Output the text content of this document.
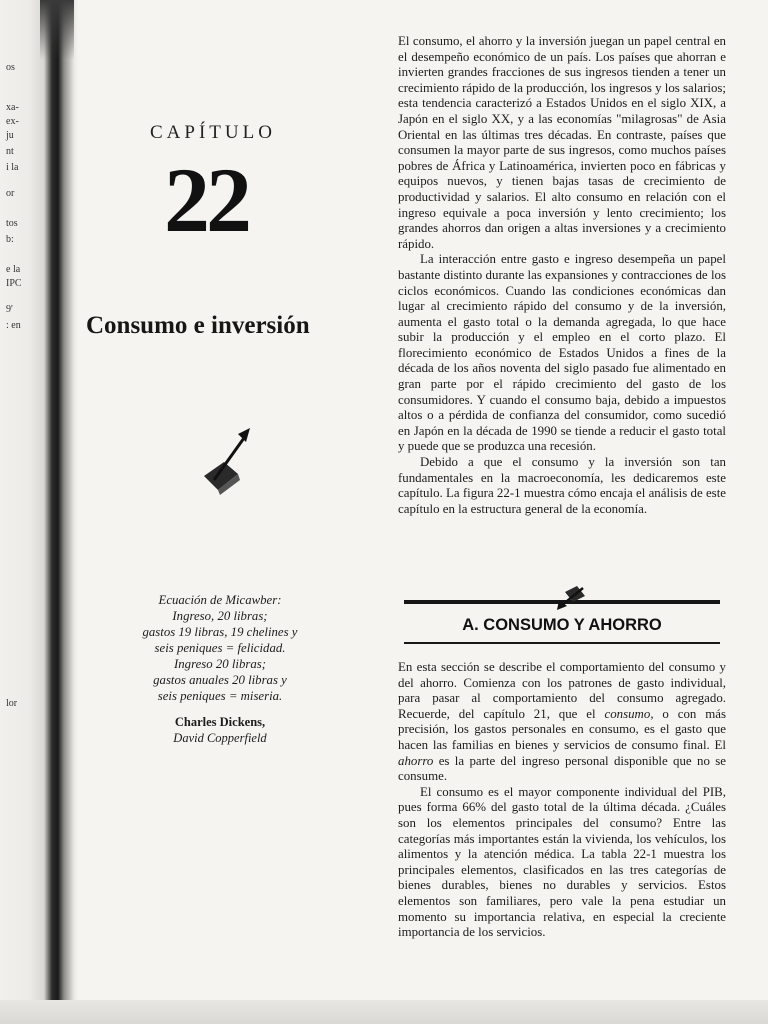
os
xa-
ex-
ju
nt
i la
or
tos
b:
e la
IPC
9'
: en
lor
CAPÍTULO
22
Consumo e inversión
Ecuación de Micawber:
Ingreso, 20 libras;
gastos 19 libras, 19 chelines y
seis peniques = felicidad.
Ingreso 20 libras;
gastos anuales 20 libras y
seis peniques = miseria.
Charles Dickens,
David Copperfield

El consumo, el ahorro y la inversión juegan un papel central en el desempeño económico de un país. Los países que ahorran e invierten grandes fracciones de sus ingresos tienden a tener un crecimiento rápido de la producción, los ingresos y los salarios; esta tendencia caracterizó a Estados Unidos en el siglo XIX, a Japón en el siglo XX, y a las economías "milagrosas" de Asia Oriental en las últimas tres décadas. En contraste, países que consumen la mayor parte de sus ingresos, como muchos países pobres de África y Latinoamérica, invierten poco en fábricas y equipos nuevos, y tienen bajas tasas de crecimiento de productividad y salarios. El alto consumo en relación con el ingreso equivale a poca inversión y lento crecimiento; los grandes ahorros dan origen a altas inversiones y a crecimiento rápido.

La interacción entre gasto e ingreso desempeña un papel bastante distinto durante las expansiones y contracciones de los ciclos económicos. Cuando las condiciones económicas dan lugar al crecimiento rápido del consumo y de la inversión, aumenta el gasto total o la demanda agregada, lo que hace subir la producción y el empleo en el corto plazo. El florecimiento económico de Estados Unidos a fines de la década de los años noventa del siglo pasado fue alimentado en gran parte por el rápido crecimiento del gasto de los consumidores. Y cuando el consumo baja, debido a impuestos altos o a pérdida de confianza del consumidor, como sucedió en Japón en la década de 1990 se tiende a reducir el gasto total y puede que se produzca una recesión.

Debido a que el consumo y la inversión son tan fundamentales en la macroeconomía, les dedicaremos este capítulo. La figura 22-1 muestra cómo encaja el análisis de este capítulo en la estructura general de la economía.

A. CONSUMO Y AHORRO

En esta sección se describe el comportamiento del consumo y del ahorro. Comienza con los patrones de gasto individual, para pasar al comportamiento del consumo agregado. Recuerde, del capítulo 21, que el consumo, o con más precisión, los gastos personales en consumo, es el gasto que hacen las familias en bienes y servicios de consumo final. El ahorro es la parte del ingreso personal disponible que no se consume.

El consumo es el mayor componente individual del PIB, pues forma 66% del gasto total de la última década. ¿Cuáles son los elementos principales del consumo? Entre las categorías más importantes están la vivienda, los vehículos, los alimentos y la atención médica. La tabla 22-1 muestra los principales elementos, clasificados en las tres categorías de bienes durables, bienes no durables y servicios. Estos elementos son familiares, pero vale la pena estudiar un momento su importancia relativa, en especial la creciente importancia de los servicios.
